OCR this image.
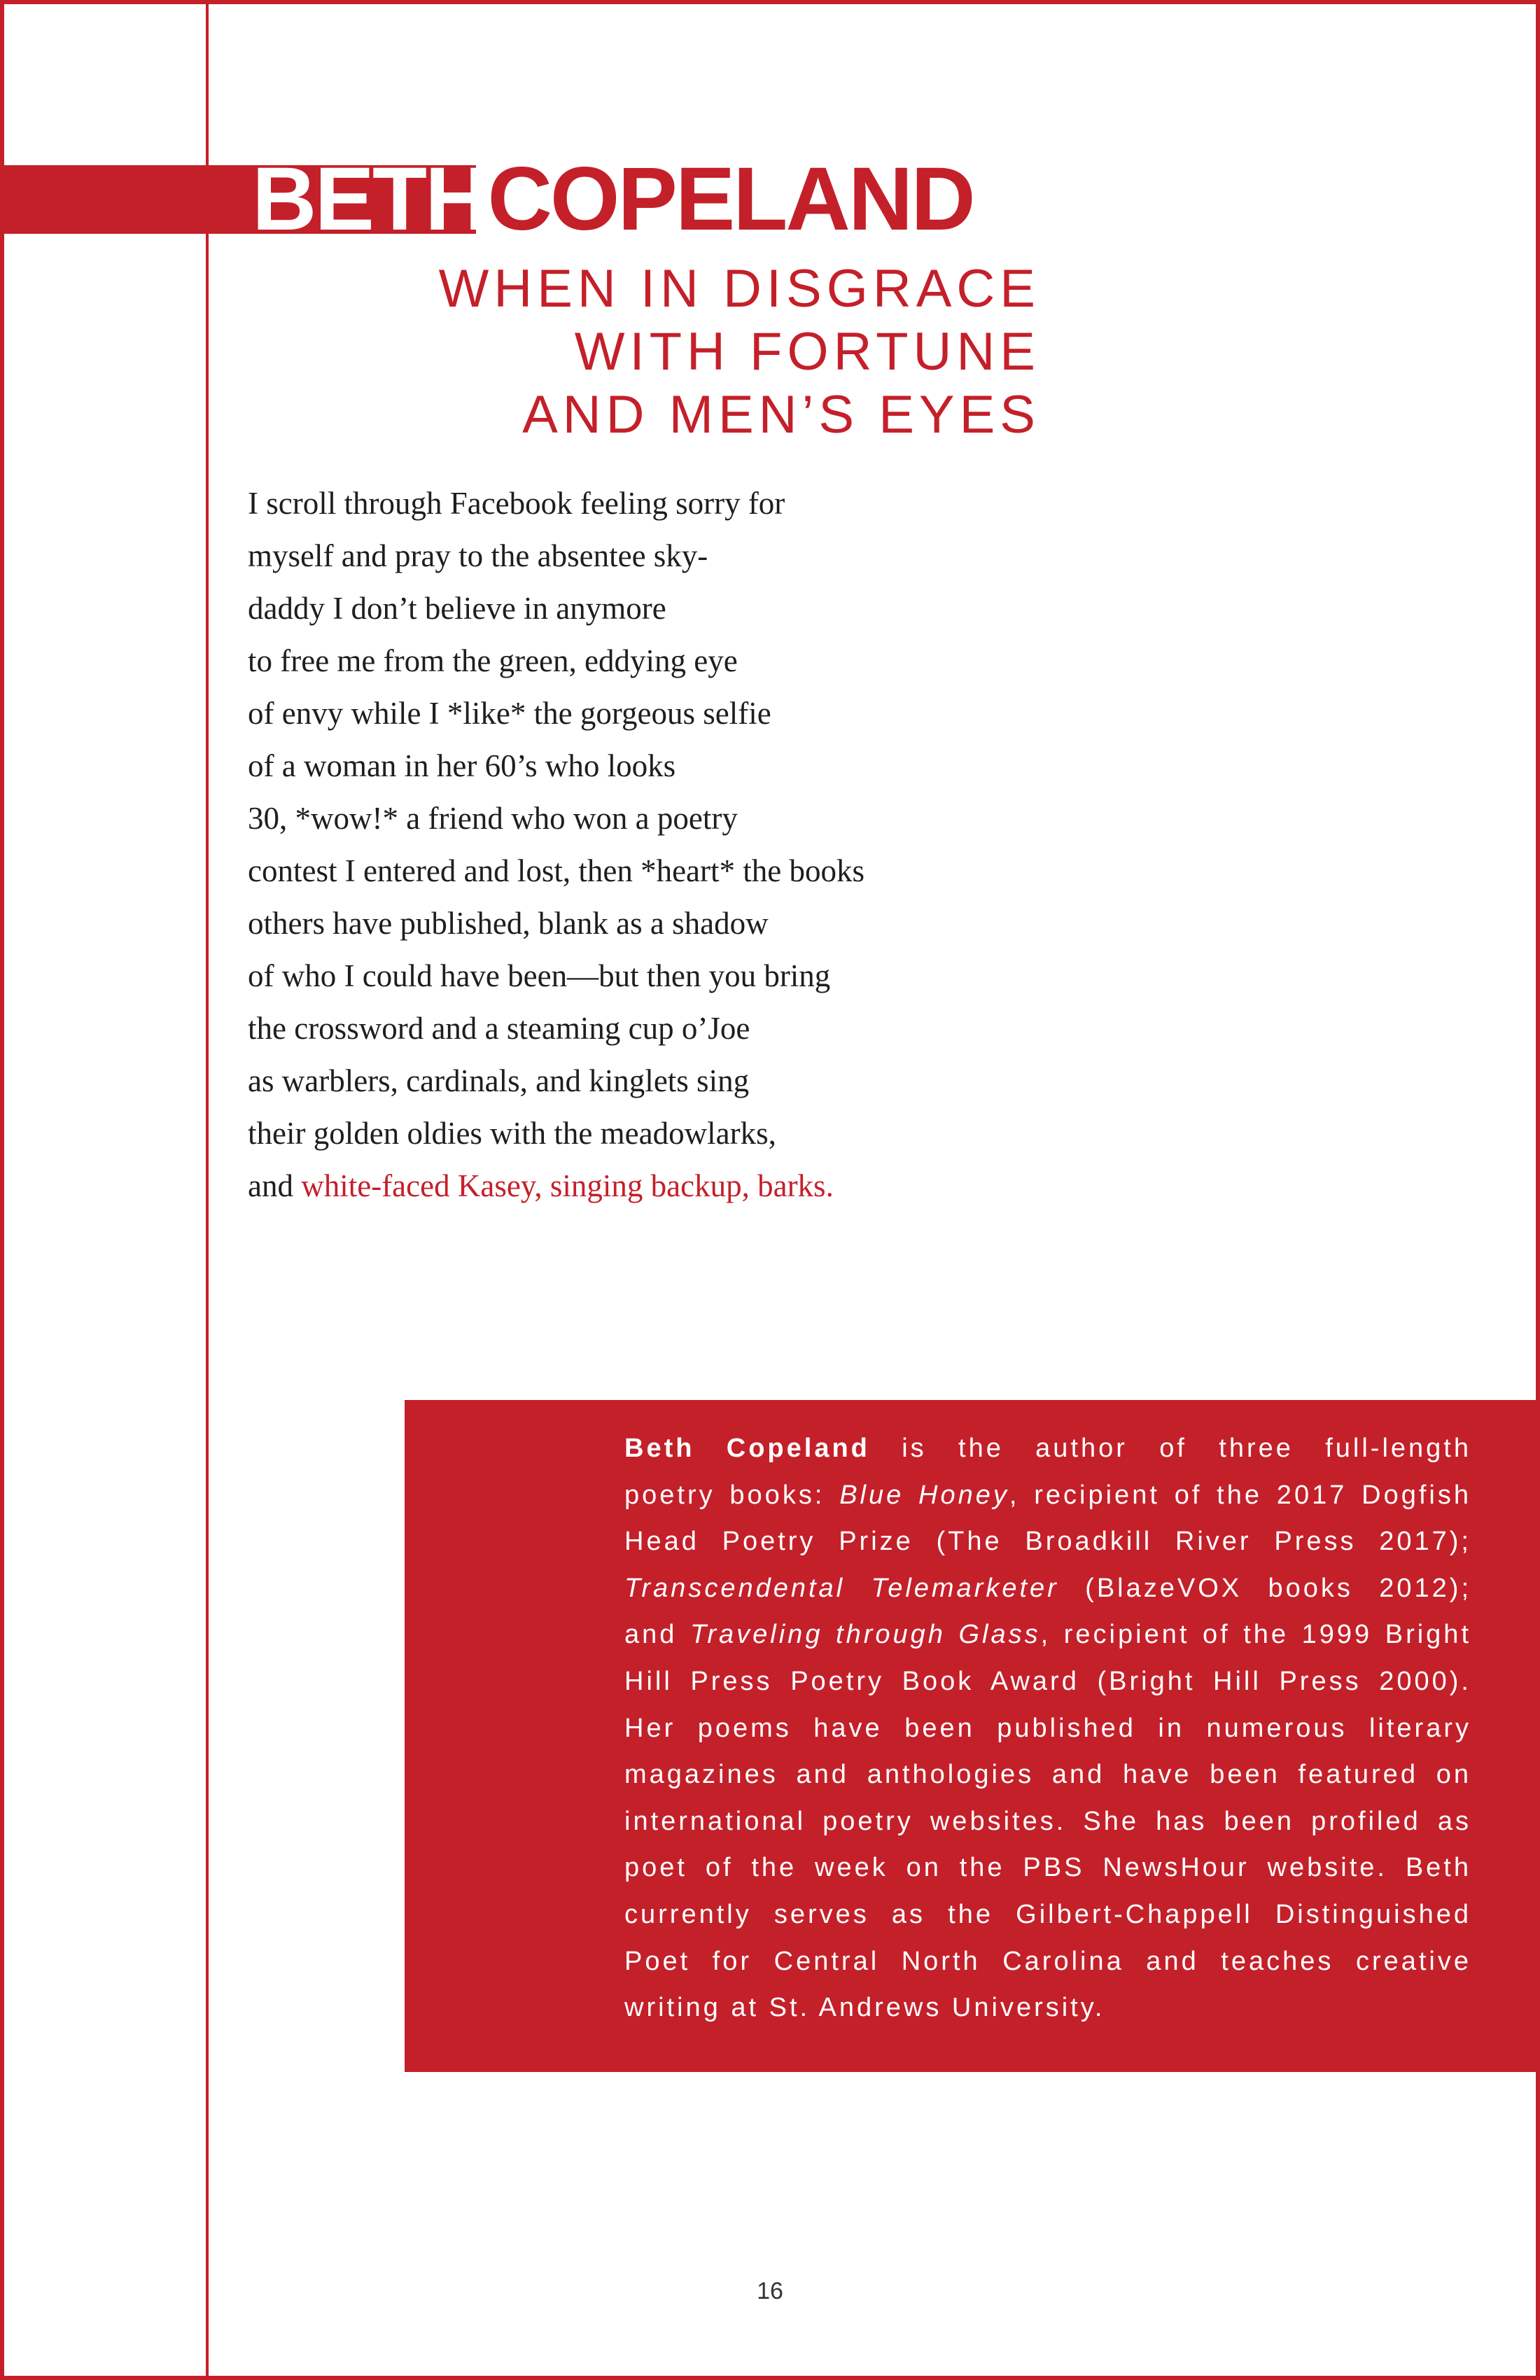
BETHCOPELAND
WHEN IN DISGRACE
WITH FORTUNE
AND MEN’S EYES
I scroll through Facebook feeling sorry for
myself and pray to the absentee sky-
daddy I don’t believe in anymore
to free me from the green, eddying eye
of envy while I *like* the gorgeous selfie
of a woman in her 60’s who looks
30, *wow!* a friend who won a poetry
contest I entered and lost, then *heart* the books
others have published, blank as a shadow
of who I could have been—but then you bring
the crossword and a steaming cup o’Joe
as warblers, cardinals, and kinglets sing
their golden oldies with the meadowlarks,
and white-faced Kasey, singing backup, barks.
Beth Copeland is the author of three full-length
poetry books: Blue Honey, recipient of the 2017 Dogfish
Head Poetry Prize (The Broadkill River Press 2017);
Transcendental Telemarketer (BlazeVOX books 2012);
and Traveling through Glass, recipient of the 1999 Bright
Hill Press Poetry Book Award (Bright Hill Press 2000).
Her poems have been published in numerous literary
magazines and anthologies and have been featured on
international poetry websites. She has been profiled as
poet of the week on the PBS NewsHour website. Beth
currently serves as the Gilbert-Chappell Distinguished
Poet for Central North Carolina and teaches creative
writing at St. Andrews University.
16
